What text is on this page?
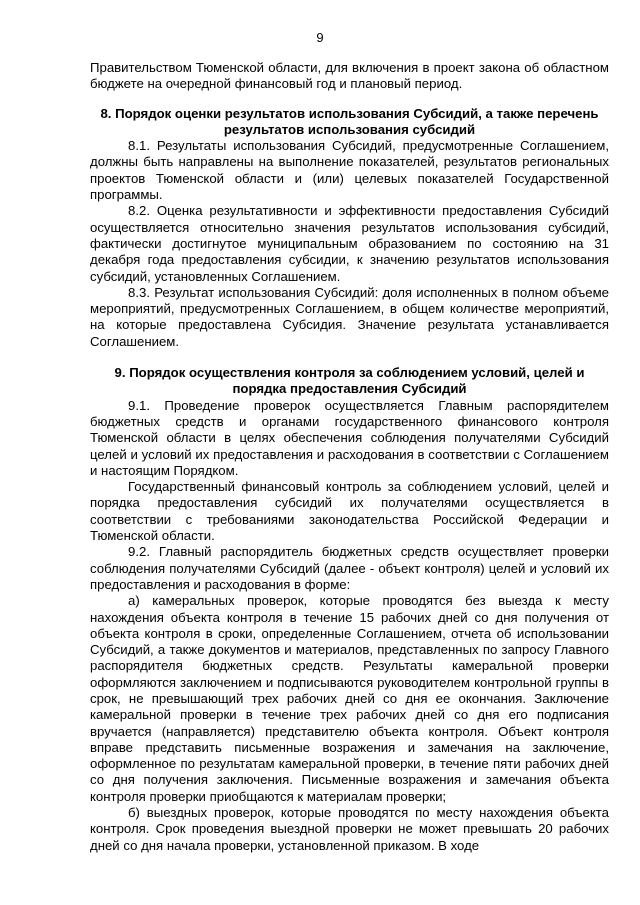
9

Правительством Тюменской области, для включения в проект закона об областном бюджете на очередной финансовый год и плановый период.

8. Порядок оценки результатов использования Субсидий, а также перечень результатов использования субсидий

8.1. Результаты использования Субсидий, предусмотренные Соглашением, должны быть направлены на выполнение показателей, результатов региональных проектов Тюменской области и (или) целевых показателей Государственной программы.

8.2. Оценка результативности и эффективности предоставления Субсидий осуществляется относительно значения результатов использования субсидий, фактически достигнутое муниципальным образованием по состоянию на 31 декабря года предоставления субсидии, к значению результатов использования субсидий, установленных Соглашением.

8.3. Результат использования Субсидий: доля исполненных в полном объеме мероприятий, предусмотренных Соглашением, в общем количестве мероприятий, на которые предоставлена Субсидия. Значение результата устанавливается Соглашением.

9. Порядок осуществления контроля за соблюдением условий, целей и порядка предоставления Субсидий

9.1. Проведение проверок осуществляется Главным распорядителем бюджетных средств и органами государственного финансового контроля Тюменской области в целях обеспечения соблюдения получателями Субсидий целей и условий их предоставления и расходования в соответствии с Соглашением и настоящим Порядком.

Государственный финансовый контроль за соблюдением условий, целей и порядка предоставления субсидий их получателями осуществляется в соответствии с требованиями законодательства Российской Федерации и Тюменской области.

9.2. Главный распорядитель бюджетных средств осуществляет проверки соблюдения получателями Субсидий (далее - объект контроля) целей и условий их предоставления и расходования в форме:

а) камеральных проверок, которые проводятся без выезда к месту нахождения объекта контроля в течение 15 рабочих дней со дня получения от объекта контроля в сроки, определенные Соглашением, отчета об использовании Субсидий, а также документов и материалов, представленных по запросу Главного распорядителя бюджетных средств. Результаты камеральной проверки оформляются заключением и подписываются руководителем контрольной группы в срок, не превышающий трех рабочих дней со дня ее окончания. Заключение камеральной проверки в течение трех рабочих дней со дня его подписания вручается (направляется) представителю объекта контроля. Объект контроля вправе представить письменные возражения и замечания на заключение, оформленное по результатам камеральной проверки, в течение пяти рабочих дней со дня получения заключения. Письменные возражения и замечания объекта контроля проверки приобщаются к материалам проверки;

б) выездных проверок, которые проводятся по месту нахождения объекта контроля. Срок проведения выездной проверки не может превышать 20 рабочих дней со дня начала проверки, установленной приказом. В ходе
